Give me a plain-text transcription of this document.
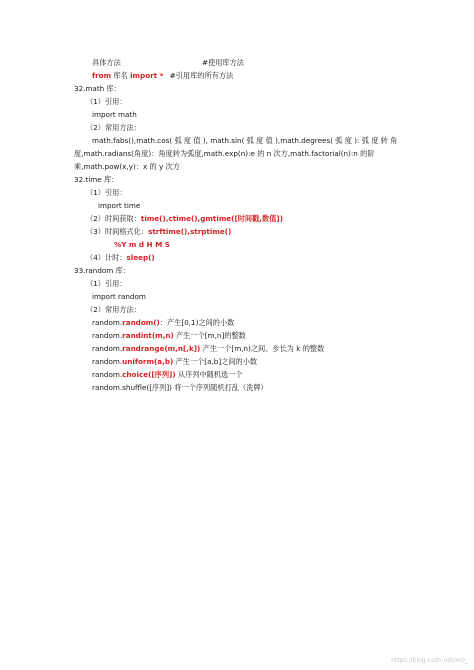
具体方法	#使用库方法
from 库名 import * #引用库的所有方法
32.math 库：
（1）引用：
import math
（2）常用方法：
math.fabs(),math.cos( 弧 度 值 ), math.sin( 弧 度 值 ),math.degrees( 弧 度 ): 弧 度 转 角
度,math.radians(角度)：角度转为弧度,math.exp(n):e 的 n 次方,math.factorial(n):n 的阶
乘,math.pow(x,y)：x 的 y 次方
32.time 库：
（1）引用：
import time
（2）时间获取：time(),ctime(),gmtime([时间戳,数值])
（3）时间格式化：strftime(),strptime()
%Y m d H M S
（4）计时：sleep()
33.random 库：
（1）引用：
import random
（2）常用方法：
random.random()：产生[0,1)之间的小数
random.randint(m,n) 产生一个[m,n]的整数
random.randrange(m,n[,k]) 产生一个[m,n)之间、步长为 k 的整数
random.uniform(a,b) 产生一个[a,b]之间的小数
random.choice([序列]) 从序列中随机选一个
random.shuffle([序列]) 将一个序列随机打乱（洗牌）
https://blog.csdn.net/m0_
